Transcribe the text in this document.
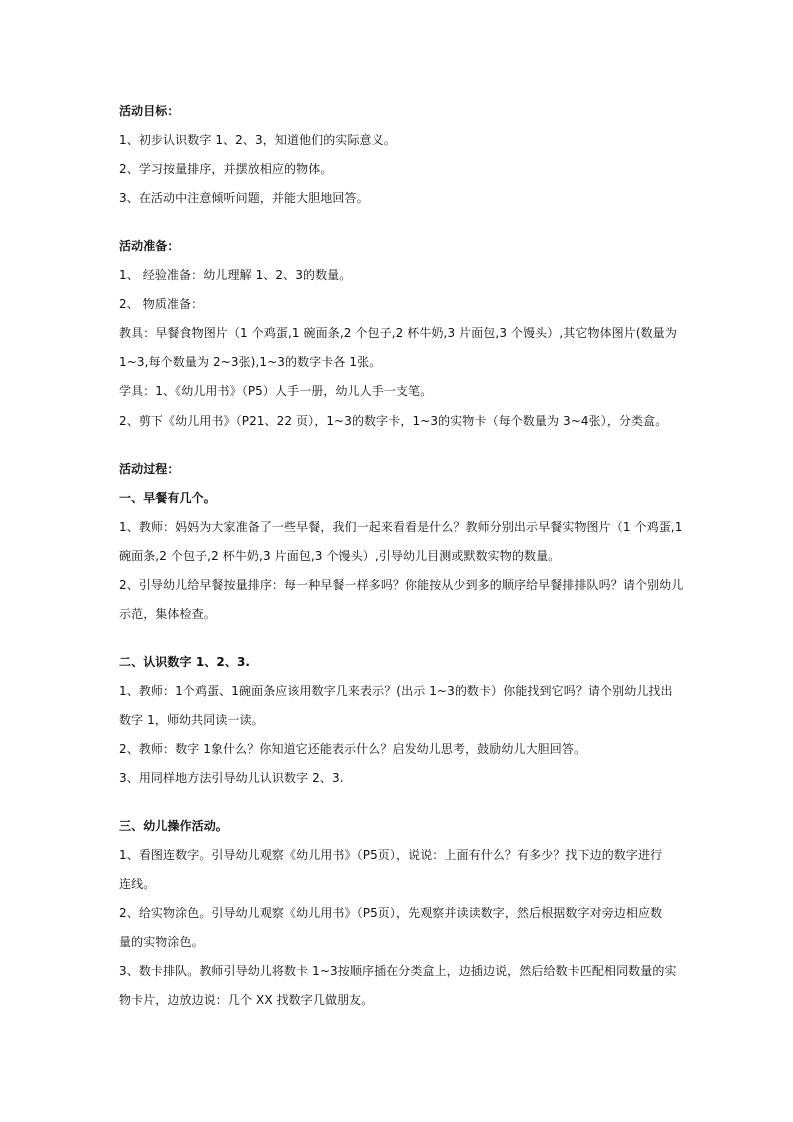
活动目标：
1、初步认识数字 1、2、3，知道他们的实际意义。
2、学习按量排序，并摆放相应的物体。
3、在活动中注意倾听问题，并能大胆地回答。
活动准备：
1、 经验准备：幼儿理解 1、2、3的数量。
2、 物质准备：
教具：早餐食物图片（1 个鸡蛋,1 碗面条,2 个包子,2 杯牛奶,3 片面包,3 个馒头）,其它物体图片(数量为
1~3,每个数量为 2~3张),1~3的数字卡各 1张。
学具：1、《幼儿用书》（P5）人手一册，幼儿人手一支笔。
2、剪下《幼儿用书》（P21、22 页），1~3的数字卡，1~3的实物卡（每个数量为 3~4张），分类盒。
活动过程：
一、早餐有几个。
1、教师：妈妈为大家准备了一些早餐，我们一起来看看是什么？教师分别出示早餐实物图片（1 个鸡蛋,1
碗面条,2 个包子,2 杯牛奶,3 片面包,3 个馒头）,引导幼儿目测或默数实物的数量。
2、引导幼儿给早餐按量排序：每一种早餐一样多吗？你能按从少到多的顺序给早餐排排队吗？请个别幼儿
示范，集体检查。
二、认识数字 1、2、3.
1、教师：1个鸡蛋、1碗面条应该用数字几来表示？(出示 1~3的数卡）你能找到它吗？请个别幼儿找出
数字 1，师幼共同读一读。
2、教师：数字 1象什么？你知道它还能表示什么？启发幼儿思考，鼓励幼儿大胆回答。
3、用同样地方法引导幼儿认识数字 2、3.
三、幼儿操作活动。
1、看图连数字。引导幼儿观察《幼儿用书》（P5页），说说：上面有什么？有多少？找下边的数字进行
连线。
2、给实物涂色。引导幼儿观察《幼儿用书》（P5页），先观察并读读数字，然后根据数字对旁边相应数
量的实物涂色。
3、数卡排队。教师引导幼儿将数卡 1~3按顺序插在分类盒上，边插边说，然后给数卡匹配相同数量的实
物卡片，边放边说：几个 XX 找数字几做朋友。
